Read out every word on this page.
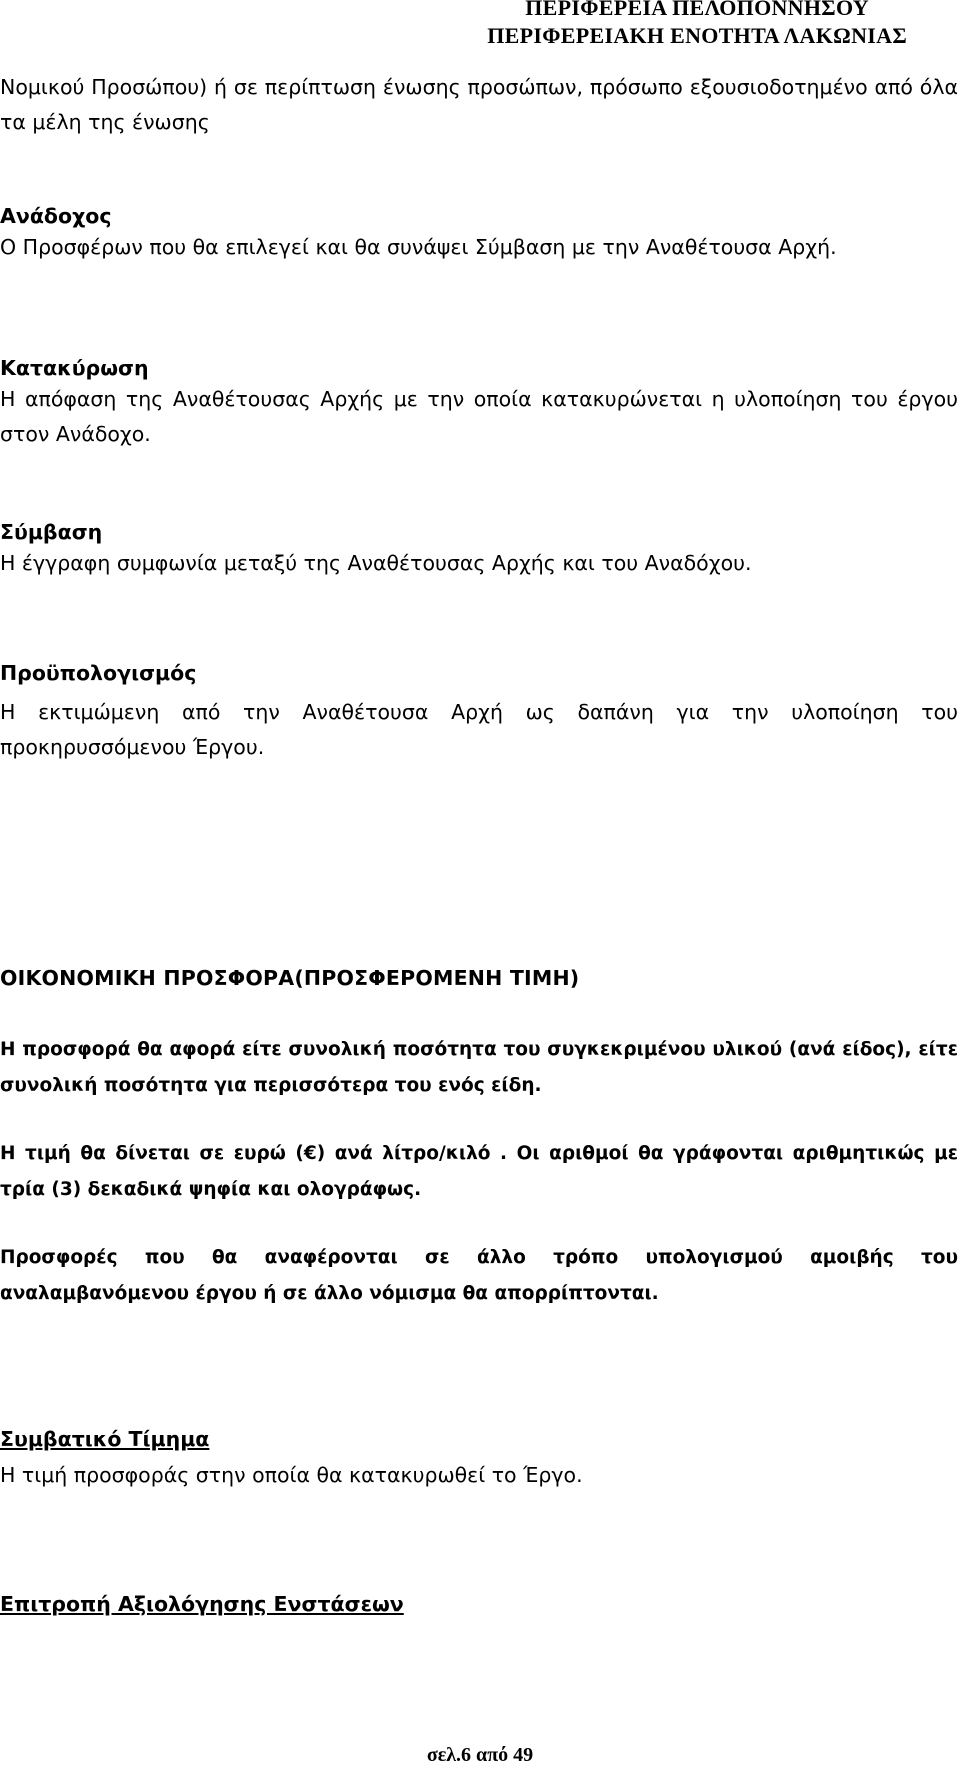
ΠΕΡΙΦΕΡΕΙΑ ΠΕΛΟΠΟΝΝΗΣΟΥ
ΠΕΡΙΦΕΡΕΙΑΚΗ ΕΝΟΤΗΤΑ ΛΑΚΩΝΙΑΣ
Νομικού Προσώπου) ή σε περίπτωση ένωσης προσώπων, πρόσωπο εξουσιοδοτημένο από όλα τα μέλη της ένωσης
Ανάδοχος
Ο Προσφέρων που θα επιλεγεί και θα συνάψει Σύμβαση με την Αναθέτουσα Αρχή.
Κατακύρωση
Η απόφαση της Αναθέτουσας Αρχής με την οποία κατακυρώνεται η υλοποίηση του έργου στον Ανάδοχο.
Σύμβαση
Η έγγραφη συμφωνία μεταξύ της Αναθέτουσας Αρχής και του Αναδόχου.
Προϋπολογισμός
Η εκτιμώμενη από την Αναθέτουσα Αρχή ως δαπάνη για την υλοποίηση του προκηρυσσόμενου Έργου.
ΟΙΚΟΝΟΜΙΚΗ ΠΡΟΣΦΟΡΑ(ΠΡΟΣΦΕΡΟΜΕΝΗ ΤΙΜΗ)
Η προσφορά θα αφορά είτε συνολική ποσότητα του συγκεκριμένου υλικού (ανά είδος), είτε συνολική ποσότητα για περισσότερα του ενός είδη.
Η τιμή θα δίνεται σε ευρώ (€) ανά λίτρο/κιλό . Οι αριθμοί θα γράφονται αριθμητικώς με τρία (3) δεκαδικά ψηφία και ολογράφως.
Προσφορές που θα αναφέρονται σε άλλο τρόπο υπολογισμού αμοιβής του αναλαμβανόμενου έργου ή σε άλλο νόμισμα θα απορρίπτονται.
Συμβατικό Τίμημα
Η τιμή προσφοράς στην οποία θα κατακυρωθεί το Έργο.
Επιτροπή Αξιολόγησης Ενστάσεων
σελ.6 από 49
